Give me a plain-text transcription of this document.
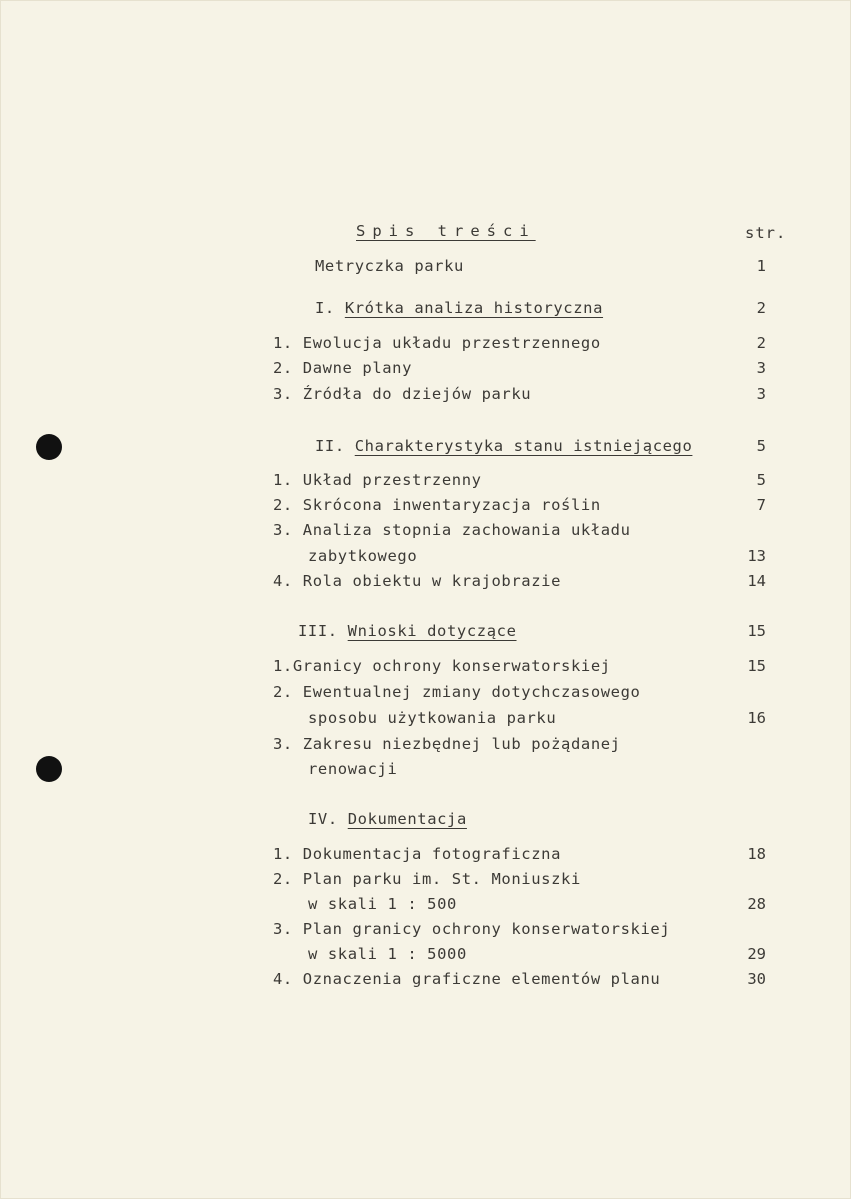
Spis treści	str.
Metryczka parku	1
I. Krótka analiza historyczna	2
1. Ewolucja układu przestrzennego	2
2. Dawne plany	3
3. Źródła do dziejów parku	3
II. Charakterystyka stanu istniejącego	5
1. Układ przestrzenny	5
2. Skrócona inwentaryzacja roślin	7
3. Analiza stopnia zachowania układu
zabytkowego	13
4. Rola obiektu w krajobrazie	14
III. Wnioski dotyczące	15
1.Granicy ochrony konserwatorskiej	15
2. Ewentualnej zmiany dotychczasowego
sposobu użytkowania parku	16
3. Zakresu niezbędnej lub pożądanej
renowacji
IV. Dokumentacja
1. Dokumentacja fotograficzna	18
2. Plan parku im. St. Moniuszki
w skali 1 : 500	28
3. Plan granicy ochrony konserwatorskiej
w skali 1 : 5000	29
4. Oznaczenia graficzne elementów planu	30
